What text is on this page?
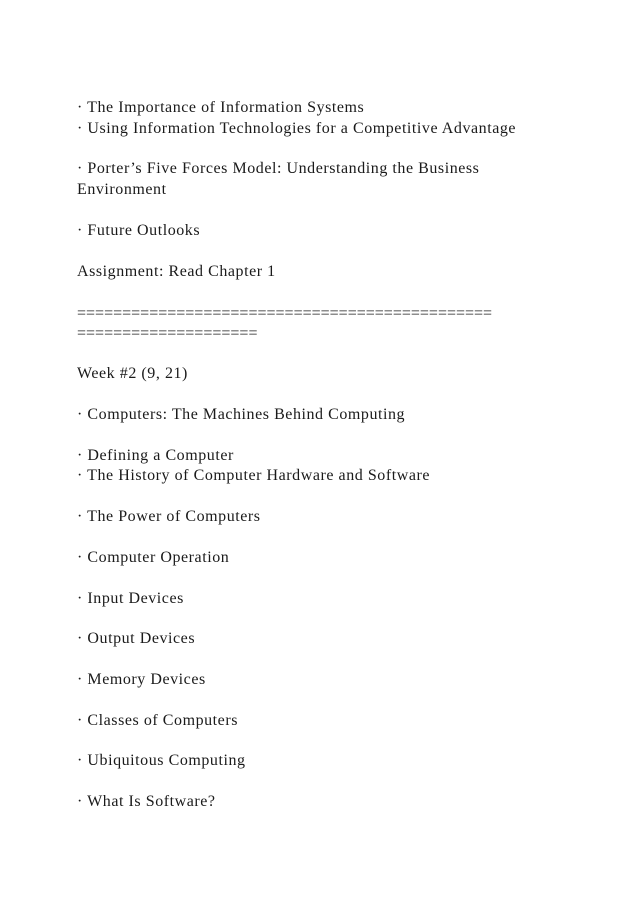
· The Importance of Information Systems
· Using Information Technologies for a Competitive Advantage
· Porter’s Five Forces Model: Understanding the Business
Environment
· Future Outlooks
Assignment: Read Chapter 1
==============================================
====================
Week #2 (9, 21)
· Computers: The Machines Behind Computing
· Defining a Computer
· The History of Computer Hardware and Software
· The Power of Computers
· Computer Operation
· Input Devices
· Output Devices
· Memory Devices
· Classes of Computers
· Ubiquitous Computing
· What Is Software?
